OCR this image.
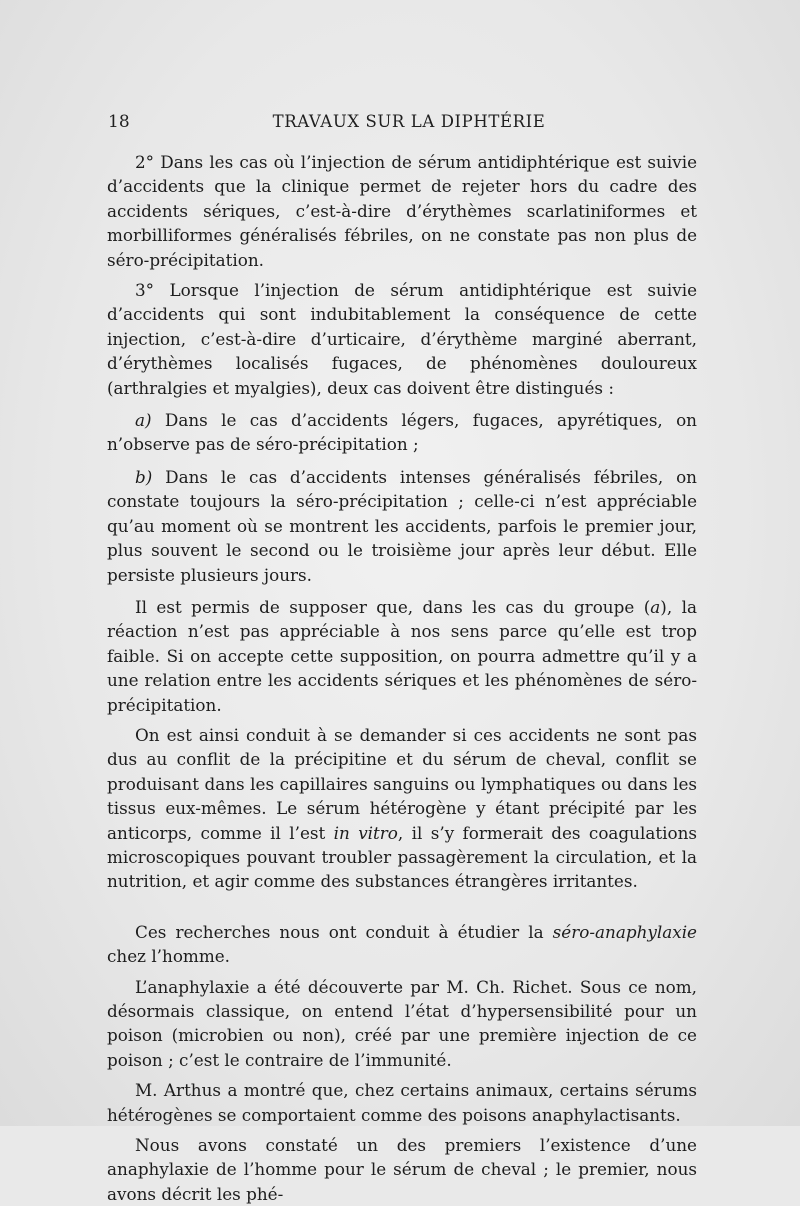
18	TRAVAUX SUR LA DIPHTÉRIE

2° Dans les cas où l’injection de sérum antidiphtérique est suivie d’accidents que la clinique permet de rejeter hors du cadre des accidents sériques, c’est-à-dire d’érythèmes scarlatiniformes et morbilliformes généralisés fébriles, on ne constate pas non plus de séro-précipitation.

3° Lorsque l’injection de sérum antidiphtérique est suivie d’accidents qui sont indubitablement la conséquence de cette injection, c’est-à-dire d’urticaire, d’érythème marginé aberrant, d’érythèmes localisés fugaces, de phénomènes douloureux (arthralgies et myalgies), deux cas doivent être distingués :

a) Dans le cas d’accidents légers, fugaces, apyrétiques, on n’observe pas de séro-précipitation ;

b) Dans le cas d’accidents intenses généralisés fébriles, on constate toujours la séro-précipitation ; celle-ci n’est appréciable qu’au moment où se montrent les accidents, parfois le premier jour, plus souvent le second ou le troisième jour après leur début. Elle persiste plusieurs jours.

Il est permis de supposer que, dans les cas du groupe (a), la réaction n’est pas appréciable à nos sens parce qu’elle est trop faible. Si on accepte cette supposition, on pourra admettre qu’il y a une relation entre les accidents sériques et les phénomènes de séro-précipitation.

On est ainsi conduit à se demander si ces accidents ne sont pas dus au conflit de la précipitine et du sérum de cheval, conflit se produisant dans les capillaires sanguins ou lymphatiques ou dans les tissus eux-mêmes. Le sérum hétérogène y étant précipité par les anticorps, comme il l’est in vitro, il s’y formerait des coagulations microscopiques pouvant troubler passagèrement la circulation, et la nutrition, et agir comme des substances étrangères irritantes.

Ces recherches nous ont conduit à étudier la séro-anaphylaxie chez l’homme.

L’anaphylaxie a été découverte par M. Ch. Richet. Sous ce nom, désormais classique, on entend l’état d’hypersensibilité pour un poison (microbien ou non), créé par une première injection de ce poison ; c’est le contraire de l’immunité.

M. Arthus a montré que, chez certains animaux, certains sérums hétérogènes se comportaient comme des poisons anaphylactisants.

Nous avons constaté un des premiers l’existence d’une anaphylaxie de l’homme pour le sérum de cheval ; le premier, nous avons décrit les phé-
